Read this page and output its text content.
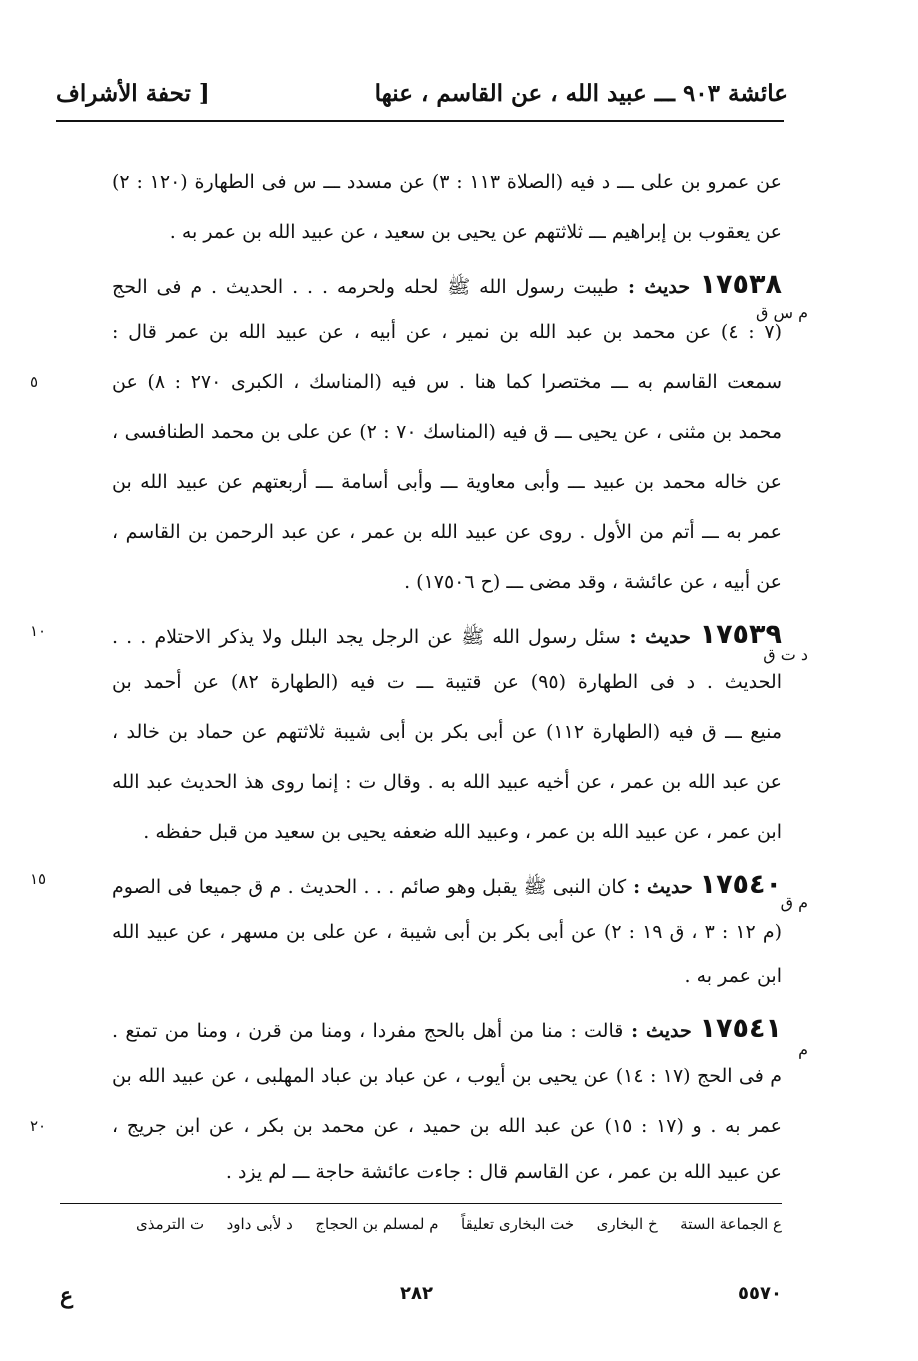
عائشة ٩٠٣ ـــ عبيد الله ، عن القاسم ، عنها
[ تحفة الأشراف
عن عمرو بن على ـــ د فيه (الصلاة ١١٣ : ٣) عن مسدد ـــ س فى الطهارة (١٢٠ : ٢)
عن يعقوب بن إبراهيم ـــ ثلاثتهم عن يحيى بن سعيد ، عن عبيد الله بن عمر به .
١٧٥٣٨ حديث : طيبت رسول الله ﷺ لحله ولحرمه . . . الحديث . م فى الحج
(٧ : ٤) عن محمد بن عبد الله بن نمير ، عن أبيه ، عن عبيد الله بن عمر قال :
سمعت القاسم به ـــ مختصرا كما هنا . س فيه (المناسك ، الكبرى ٢٧٠ : ٨) عن
محمد بن مثنى ، عن يحيى ـــ ق فيه (المناسك ٧٠ : ٢) عن على بن محمد الطنافسى ،
عن خاله محمد بن عبيد ـــ وأبى معاوية ـــ وأبى أسامة ـــ أربعتهم عن عبيد الله بن
عمر به ـــ أتم من الأول . روى عن عبيد الله بن عمر ، عن عبد الرحمن بن القاسم ،
عن أبيه ، عن عائشة ، وقد مضى ـــ (ح ١٧٥٠٦) .
١٧٥٣٩ حديث : سئل رسول الله ﷺ عن الرجل يجد البلل ولا يذكر الاحتلام . . .
الحديث . د فى الطهارة (٩٥) عن قتيبة ـــ ت فيه (الطهارة ٨٢) عن أحمد بن
منيع ـــ ق فيه (الطهارة ١١٢) عن أبى بكر بن أبى شيبة ثلاثتهم عن حماد بن خالد ،
عن عبد الله بن عمر ، عن أخيه عبيد الله به . وقال ت : إنما روى هذ الحديث عبد الله
ابن عمر ، عن عبيد الله بن عمر ، وعبيد الله ضعفه يحيى بن سعيد من قبل حفظه .
١٧٥٤٠ حديث : كان النبى ﷺ يقبل وهو صائم . . . الحديث . م ق جميعا فى الصوم
(م ١٢ : ٣ ، ق ١٩ : ٢) عن أبى بكر بن أبى شيبة ، عن على بن مسهر ، عن عبيد الله
ابن عمر به .
١٧٥٤١ حديث : قالت : منا من أهل بالحج مفردا ، ومنا من قرن ، ومنا من تمتع .
م فى الحج (١٧ : ١٤) عن يحيى بن أيوب ، عن عباد بن عباد المهلبى ، عن عبيد الله بن
عمر به . و (١٧ : ١٥) عن عبد الله بن حميد ، عن محمد بن بكر ، عن ابن جريج ،
عن عبيد الله بن عمر ، عن القاسم قال : جاءت عائشة حاجة ـــ لم يزد .
م س ق
د ت ق
م ق
م
٥
١٠
١٥
٢٠
ع الجماعة الستة
خ البخارى
خت البخارى تعليقاً
م لمسلم بن الحجاج
د لأبى داود
ت الترمذى
٥٥٧٠
٢٨٢
ع
